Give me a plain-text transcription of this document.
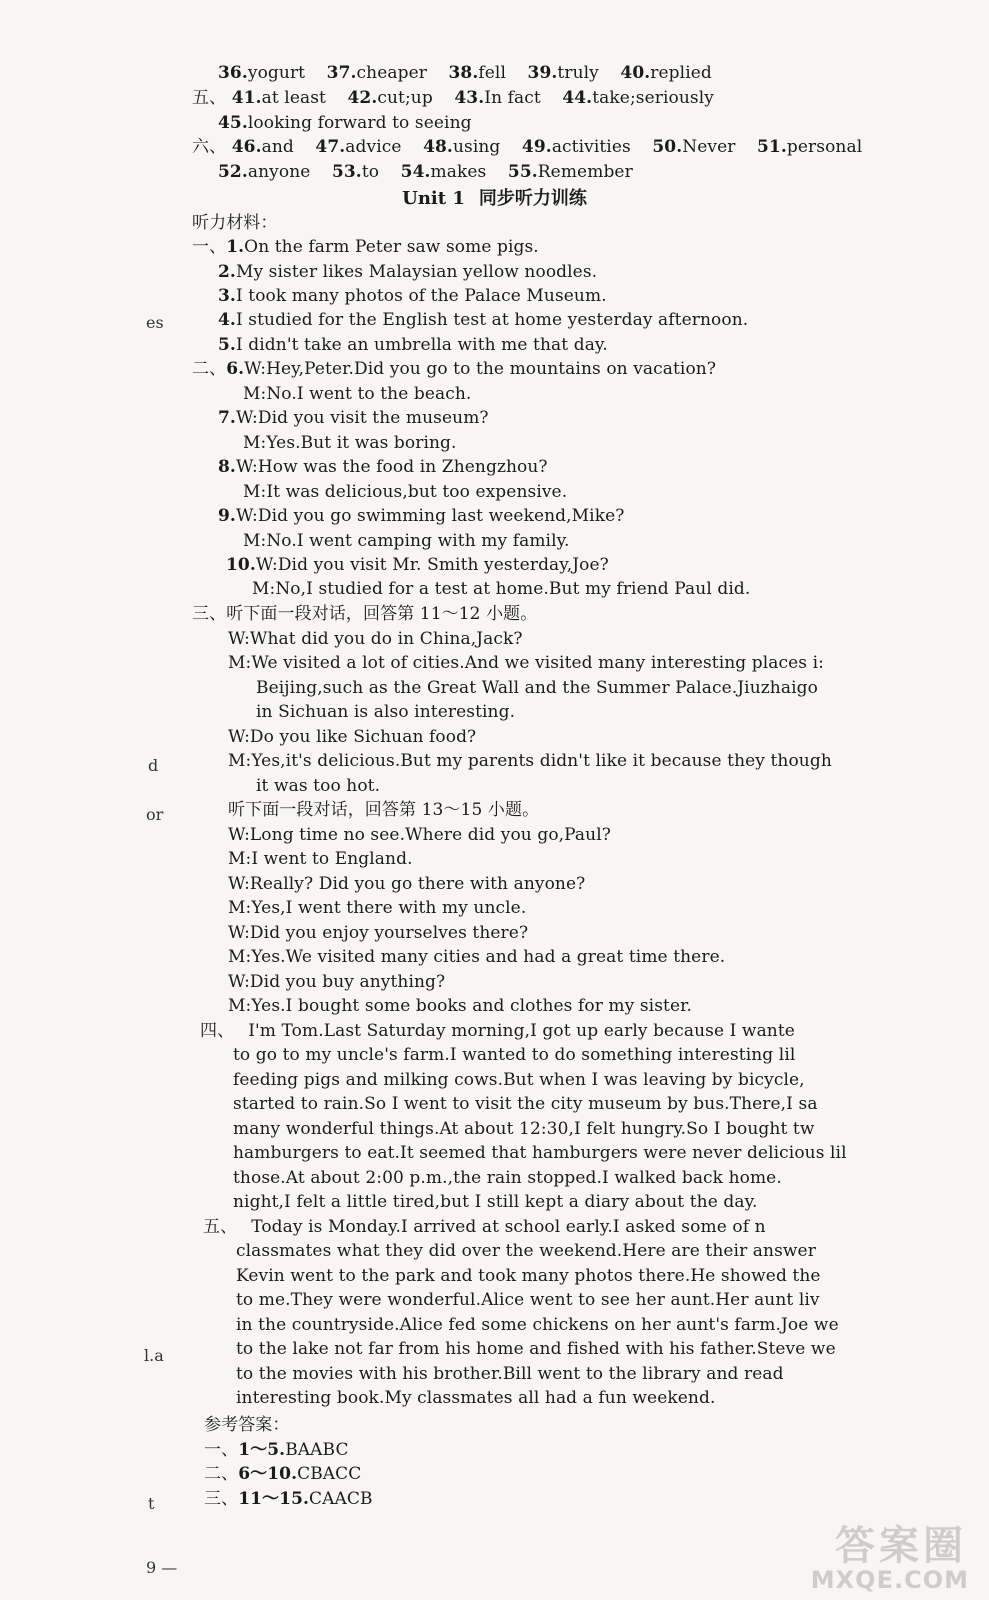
36.yogurt 37.cheaper 38.fell 39.truly 40.replied
五、 41.at least 42.cut;up 43.In fact 44.take;seriously
45.looking forward to seeing
六、 46.and 47.advice 48.using 49.activities 50.Never 51.personal
52.anyone 53.to 54.makes 55.Remember
Unit 1 同步听力训练
听力材料：
一、1.On the farm Peter saw some pigs.
2.My sister likes Malaysian yellow noodles.
3.I took many photos of the Palace Museum.
4.I studied for the English test at home yesterday afternoon.
5.I didn't take an umbrella with me that day.
二、6.W:Hey,Peter.Did you go to the mountains on vacation?
M:No.I went to the beach.
7.W:Did you visit the museum?
M:Yes.But it was boring.
8.W:How was the food in Zhengzhou?
M:It was delicious,but too expensive.
9.W:Did you go swimming last weekend,Mike?
M:No.I went camping with my family.
10.W:Did you visit Mr. Smith yesterday,Joe?
M:No,I studied for a test at home.But my friend Paul did.
三、听下面一段对话，回答第 11～12 小题。
W:What did you do in China,Jack?
M:We visited a lot of cities.And we visited many interesting places i:
Beijing,such as the Great Wall and the Summer Palace.Jiuzhaigo
in Sichuan is also interesting.
W:Do you like Sichuan food?
M:Yes,it's delicious.But my parents didn't like it because they though
it was too hot.
听下面一段对话，回答第 13～15 小题。
W:Long time no see.Where did you go,Paul?
M:I went to England.
W:Really? Did you go there with anyone?
M:Yes,I went there with my uncle.
W:Did you enjoy yourselves there?
M:Yes.We visited many cities and had a great time there.
W:Did you buy anything?
M:Yes.I bought some books and clothes for my sister.
四、 I'm Tom.Last Saturday morning,I got up early because I wante
to go to my uncle's farm.I wanted to do something interesting lil
feeding pigs and milking cows.But when I was leaving by bicycle,
started to rain.So I went to visit the city museum by bus.There,I sa
many wonderful things.At about 12:30,I felt hungry.So I bought tw
hamburgers to eat.It seemed that hamburgers were never delicious lil
those.At about 2:00 p.m.,the rain stopped.I walked back home.
night,I felt a little tired,but I still kept a diary about the day.
五、 Today is Monday.I arrived at school early.I asked some of n
classmates what they did over the weekend.Here are their answer
Kevin went to the park and took many photos there.He showed the
to me.They were wonderful.Alice went to see her aunt.Her aunt liv
in the countryside.Alice fed some chickens on her aunt's farm.Joe we
to the lake not far from his home and fished with his father.Steve we
to the movies with his brother.Bill went to the library and read
interesting book.My classmates all had a fun weekend.
参考答案：
一、1～5.BAABC
二、6～10.CBACC
三、11～15.CAACB
es
d
or
l.a
t
9 —	答案圈
MXQE.COM
